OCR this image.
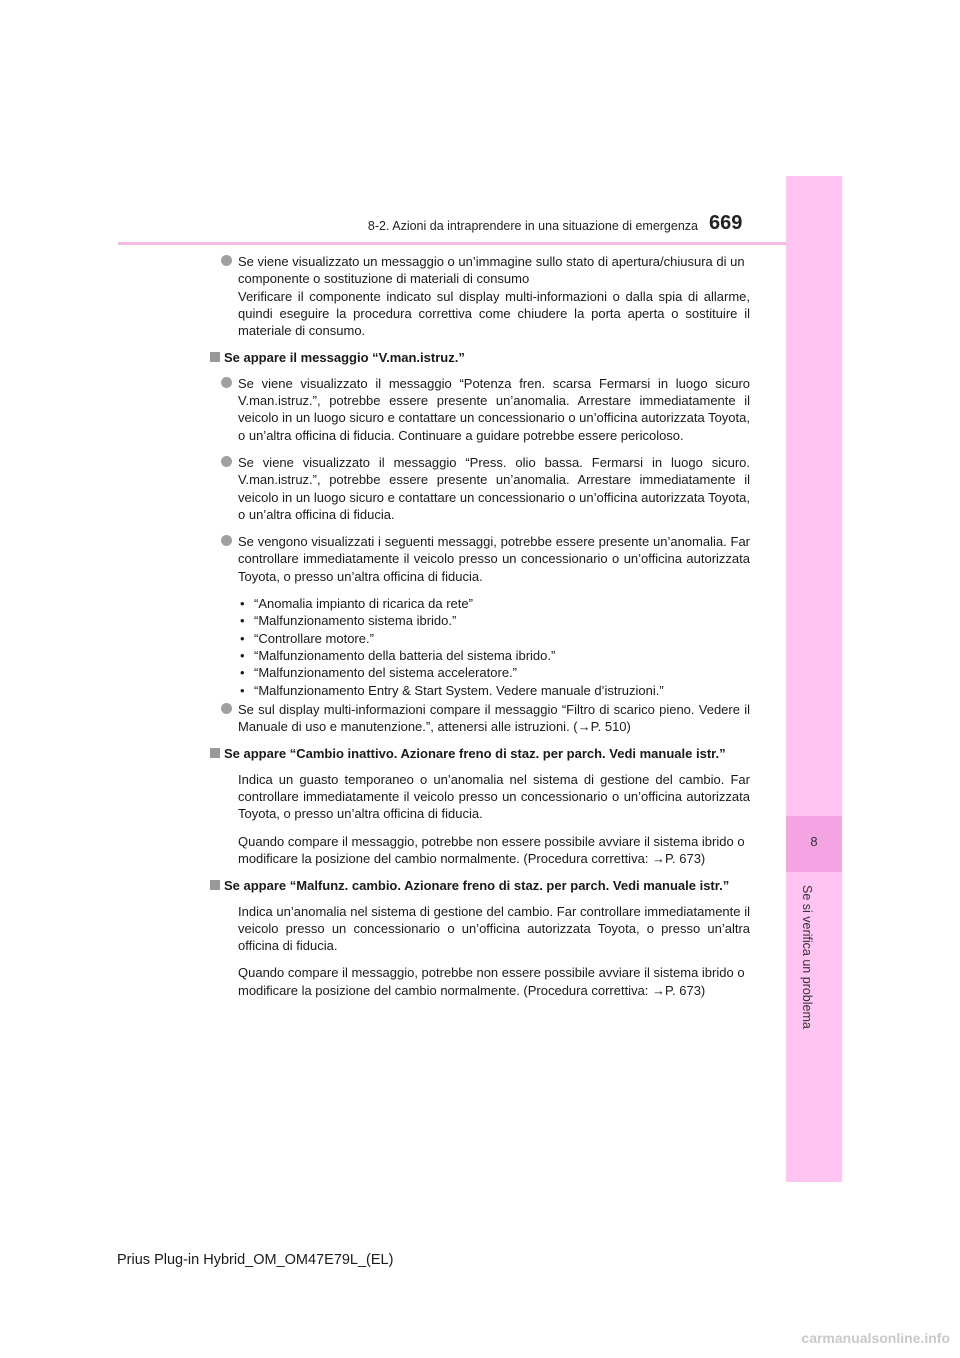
8-2. Azioni da intraprendere in una situazione di emergenza 669
8
Se si verifica un problema
Se viene visualizzato un messaggio o un’immagine sullo stato di apertura/chiusura di un componente o sostituzione di materiali di consumo
Verificare il componente indicato sul display multi-informazioni o dalla spia di allarme, quindi eseguire la procedura correttiva come chiudere la porta aperta o sostituire il materiale di consumo.
Se appare il messaggio “V.man.istruz.”
Se viene visualizzato il messaggio “Potenza fren. scarsa Fermarsi in luogo sicuro V.man.istruz.”, potrebbe essere presente un’anomalia. Arrestare immediatamente il veicolo in un luogo sicuro e contattare un concessionario o un’officina autorizzata Toyota, o un’altra officina di fiducia. Continuare a guidare potrebbe essere pericoloso.
Se viene visualizzato il messaggio “Press. olio bassa. Fermarsi in luogo sicuro. V.man.istruz.”, potrebbe essere presente un’anomalia. Arrestare immediatamente il veicolo in un luogo sicuro e contattare un concessionario o un’officina autorizzata Toyota, o un’altra officina di fiducia.
Se vengono visualizzati i seguenti messaggi, potrebbe essere presente un’anomalia. Far controllare immediatamente il veicolo presso un concessionario o un’officina autorizzata Toyota, o presso un’altra officina di fiducia.
• “Anomalia impianto di ricarica da rete”
• “Malfunzionamento sistema ibrido.”
• “Controllare motore.”
• “Malfunzionamento della batteria del sistema ibrido.”
• “Malfunzionamento del sistema acceleratore.”
• “Malfunzionamento Entry & Start System. Vedere manuale d’istruzioni.”
Se sul display multi-informazioni compare il messaggio “Filtro di scarico pieno. Vedere il Manuale di uso e manutenzione.”, attenersi alle istruzioni. (→P. 510)
Se appare “Cambio inattivo. Azionare freno di staz. per parch. Vedi manuale istr.”
Indica un guasto temporaneo o un’anomalia nel sistema di gestione del cambio. Far controllare immediatamente il veicolo presso un concessionario o un’officina autorizzata Toyota, o presso un’altra officina di fiducia.
Quando compare il messaggio, potrebbe non essere possibile avviare il sistema ibrido o modificare la posizione del cambio normalmente. (Procedura correttiva: →P. 673)
Se appare “Malfunz. cambio. Azionare freno di staz. per parch. Vedi manuale istr.”
Indica un’anomalia nel sistema di gestione del cambio. Far controllare immediatamente il veicolo presso un concessionario o un’officina autorizzata Toyota, o presso un’altra officina di fiducia.
Quando compare il messaggio, potrebbe non essere possibile avviare il sistema ibrido o modificare la posizione del cambio normalmente. (Procedura correttiva: →P. 673)
Prius Plug-in Hybrid_OM_OM47E79L_(EL)
carmanualsonline.info
